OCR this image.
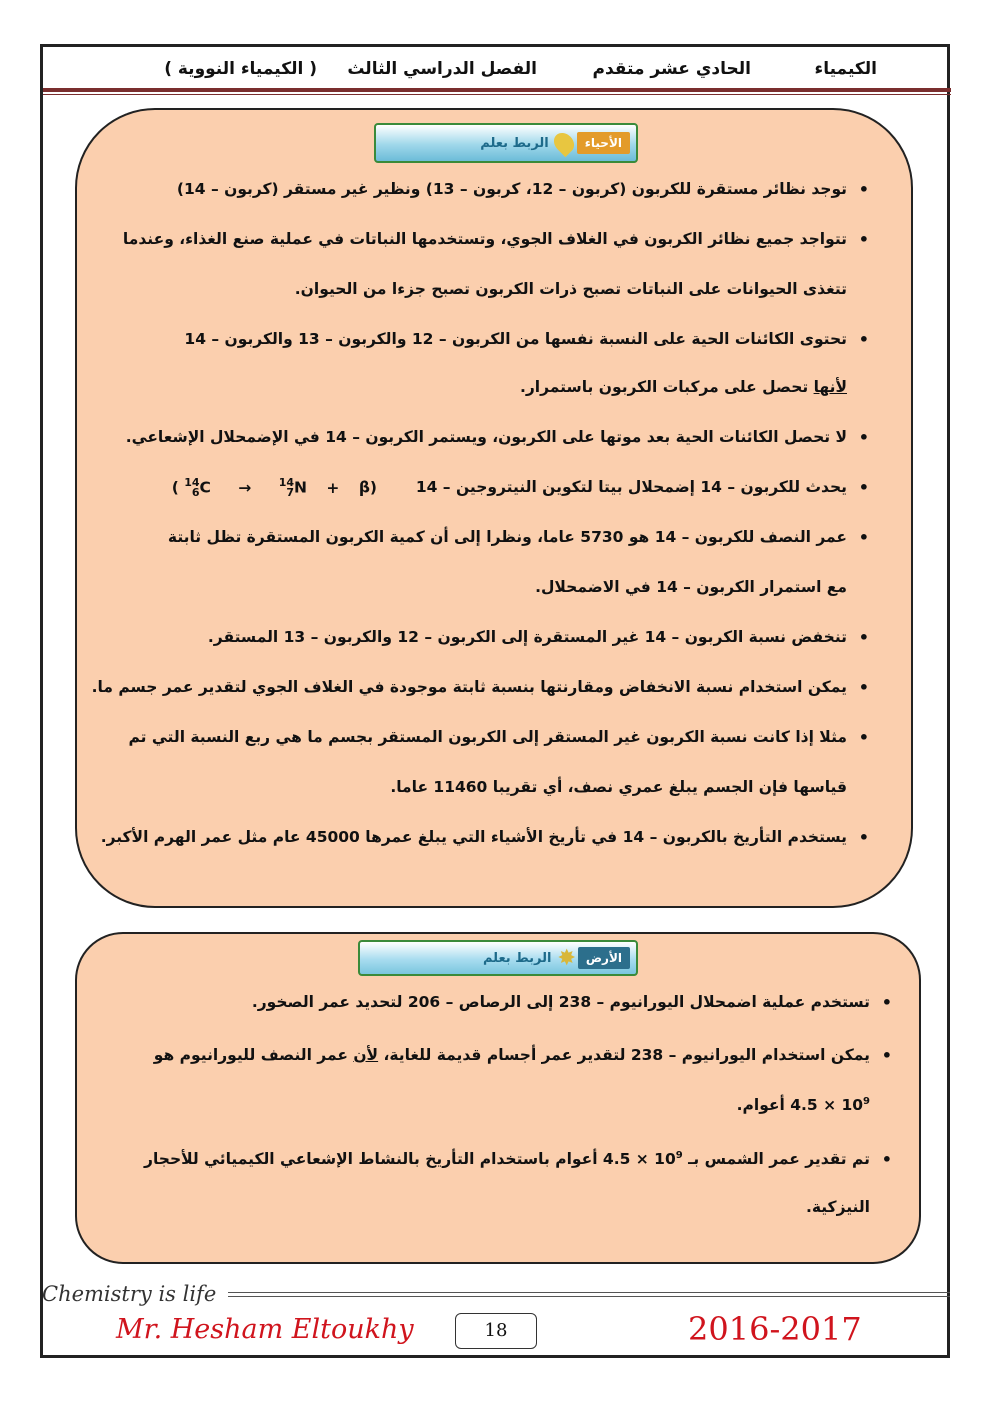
الكيمياء
الحادي عشر متقدم
الفصل الدراسي الثالث
( الكيمياء النووية )
الربط بعلم	الأحياء
• توجد نظائر مستقرة للكربون (كربون – 12، كربون – 13) ونظير غير مستقر (كربون – 14)
• تتواجد جميع نظائر الكربون في الغلاف الجوي، وتستخدمها النباتات في عملية صنع الغذاء، وعندما
تتغذى الحيوانات على النباتات تصبح ذرات الكربون تصبح جزءا من الحيوان.
• تحتوى الكائنات الحية على النسبة نفسها من الكربون – 12 والكربون – 13 والكربون – 14
لأنها تحصل على مركبات الكربون باستمرار.
• لا تحصل الكائنات الحية بعد موتها على الكربون، ويستمر الكربون – 14 في الإضمحلال الإشعاعي.
• يحدث للكربون – 14 إضمحلال بيتا لتكوين النيتروجين – 14
( 14
6C → 14
7N + β)
• عمر النصف للكربون – 14 هو 5730 عاما، ونظرا إلى أن كمية الكربون المستقرة تظل ثابتة
مع استمرار الكربون – 14 في الاضمحلال.
• تنخفض نسبة الكربون – 14 غير المستقرة إلى الكربون – 12 والكربون – 13 المستقر.
• يمكن استخدام نسبة الانخفاض ومقارنتها بنسبة ثابتة موجودة في الغلاف الجوي لتقدير عمر جسم ما.
• مثلا إذا كانت نسبة الكربون غير المستقر إلى الكربون المستقر بجسم ما هي ربع النسبة التي تم
قياسها فإن الجسم يبلغ عمري نصف، أي تقريبا 11460 عاما.
• يستخدم التأريخ بالكربون – 14 في تأريخ الأشياء التي يبلغ عمرها 45000 عام مثل عمر الهرم الأكبر.
الربط بعلم ✸ الأرض
• تستخدم عملية اضمحلال اليورانيوم – 238 إلى الرصاص – 206 لتحديد عمر الصخور.
• يمكن استخدام اليورانيوم – 238 لتقدير عمر أجسام قديمة للغاية، لأن عمر النصف لليورانيوم هو
$4.5 \times 10^9$ أعوام.
• تم تقدير عمر الشمس بـ $10^9 \times 4.5$ أعوام باستخدام التأريخ بالنشاط الإشعاعي الكيميائي للأحجار
النيزكية.
Chemistry is life
Mr. Hesham Eltoukhy	18	2016-2017
